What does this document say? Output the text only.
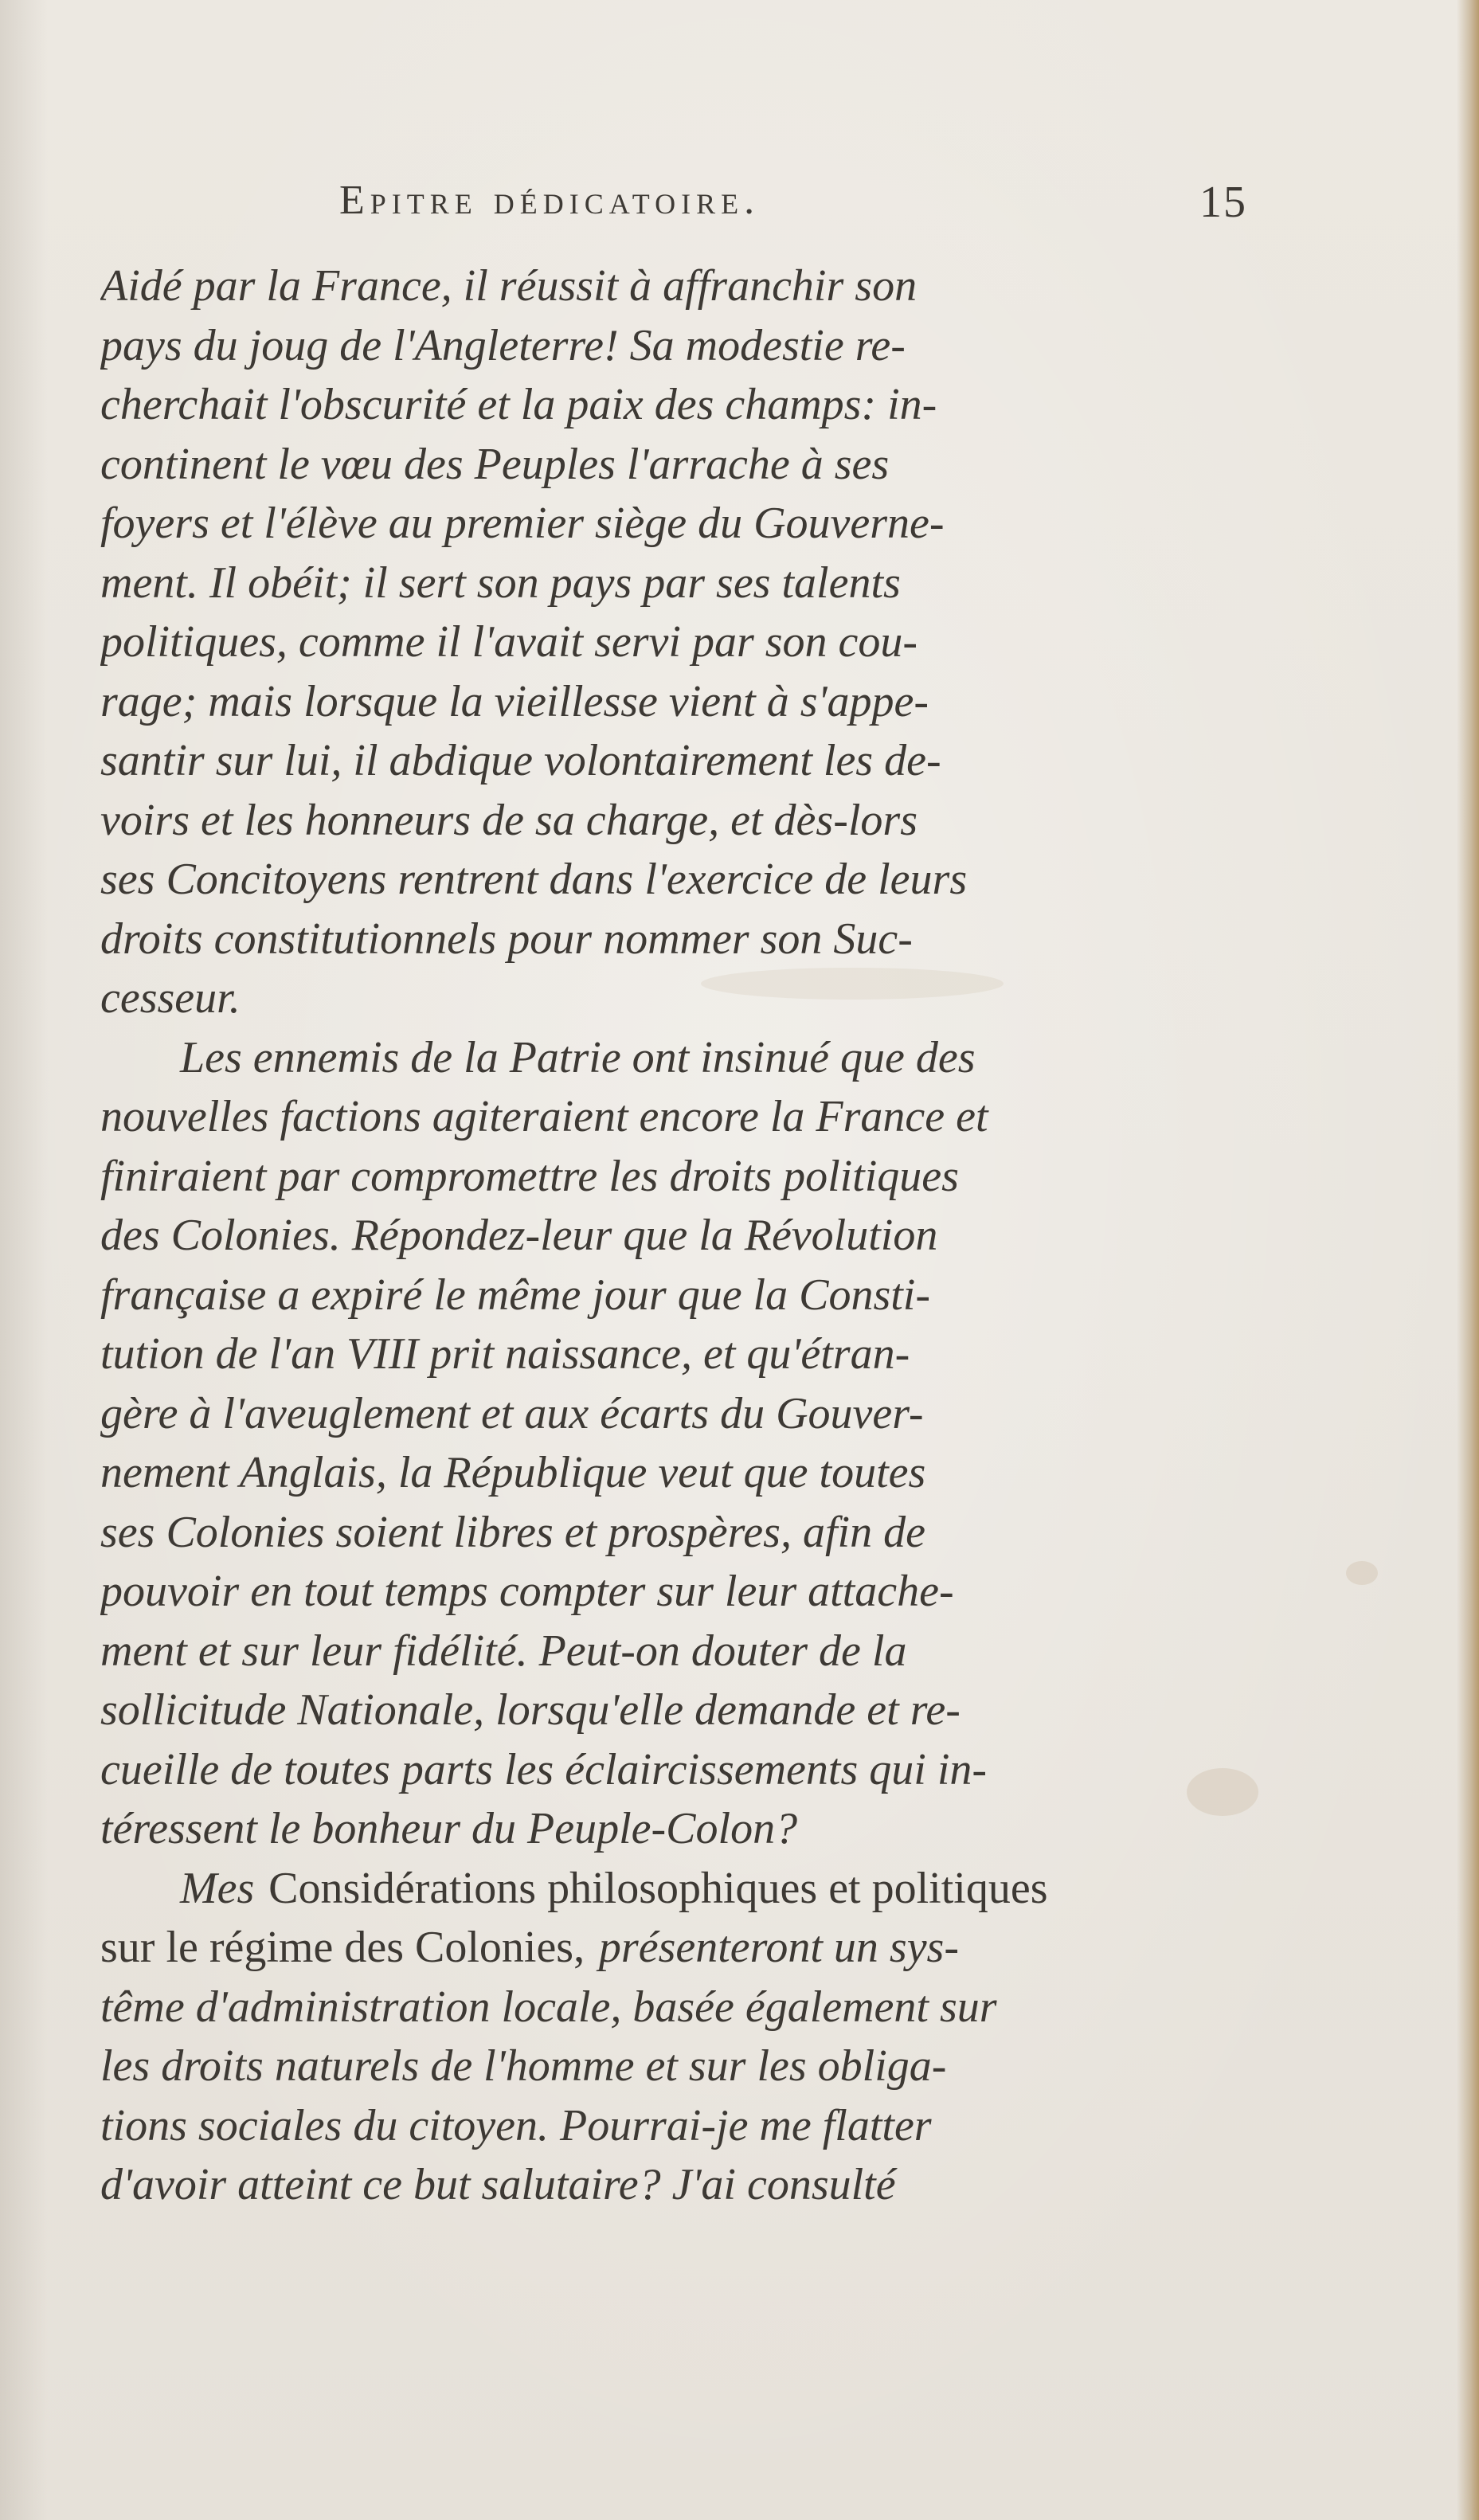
Epitre dédicatoire.	15
Aidé par la France, il réussit à affranchir son
pays du joug de l'Angleterre! Sa modestie re-
cherchait l'obscurité et la paix des champs: in-
continent le vœu des Peuples l'arrache à ses
foyers et l'élève au premier siège du Gouverne-
ment. Il obéit; il sert son pays par ses talents
politiques, comme il l'avait servi par son cou-
rage; mais lorsque la vieillesse vient à s'appe-
santir sur lui, il abdique volontairement les de-
voirs et les honneurs de sa charge, et dès-lors
ses Concitoyens rentrent dans l'exercice de leurs
droits constitutionnels pour nommer son Suc-
cesseur.
Les ennemis de la Patrie ont insinué que des
nouvelles factions agiteraient encore la France et
finiraient par compromettre les droits politiques
des Colonies. Répondez-leur que la Révolution
française a expiré le même jour que la Consti-
tution de l'an VIII prit naissance, et qu'étran-
gère à l'aveuglement et aux écarts du Gouver-
nement Anglais, la République veut que toutes
ses Colonies soient libres et prospères, afin de
pouvoir en tout temps compter sur leur attache-
ment et sur leur fidélité. Peut-on douter de la
sollicitude Nationale, lorsqu'elle demande et re-
cueille de toutes parts les éclaircissements qui in-
téressent le bonheur du Peuple-Colon?
Mes Considérations philosophiques et politiques
sur le régime des Colonies, présenteront un sys-
tême d'administration locale, basée également sur
les droits naturels de l'homme et sur les obliga-
tions sociales du citoyen. Pourrai-je me flatter
d'avoir atteint ce but salutaire? J'ai consulté
